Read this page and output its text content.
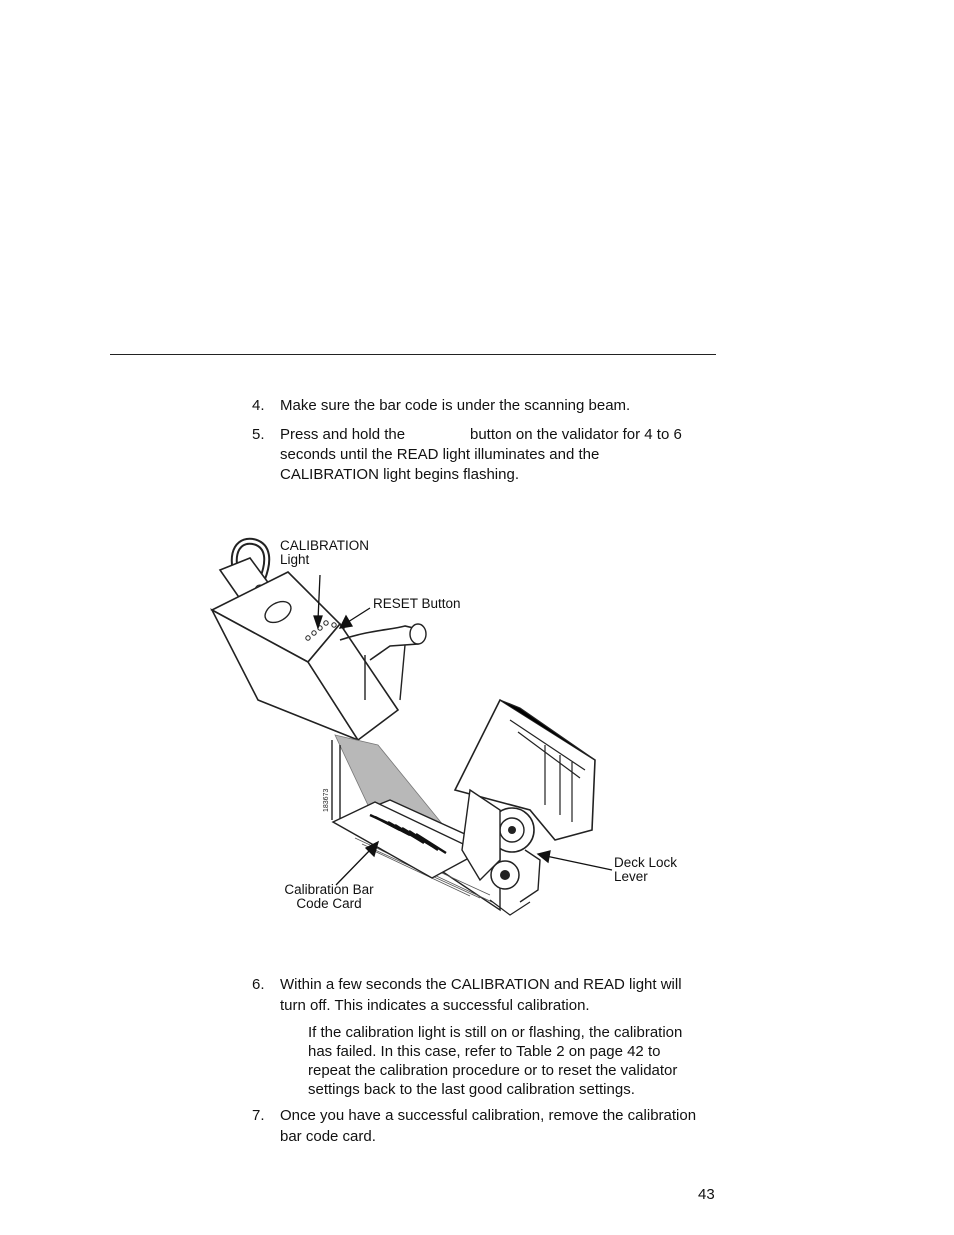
4.	Make sure the bar code is under the scanning beam.
5.	Press and hold the	button on the validator for 4 to 6
seconds until the READ light illuminates and the
CALIBRATION light begins flashing.
183673
CALIBRATION
Light
RESET Button
Deck Lock
Lever
Calibration Bar
Code Card
6.	Within a few seconds the CALIBRATION and READ light will
turn off. This indicates a successful calibration.
If the calibration light is still on or flashing, the calibration
has failed. In this case, refer to Table 2 on page 42 to
repeat the calibration procedure or to reset the validator
settings back to the last good calibration settings.
7.	Once you have a successful calibration, remove the calibration
bar code card.
43
